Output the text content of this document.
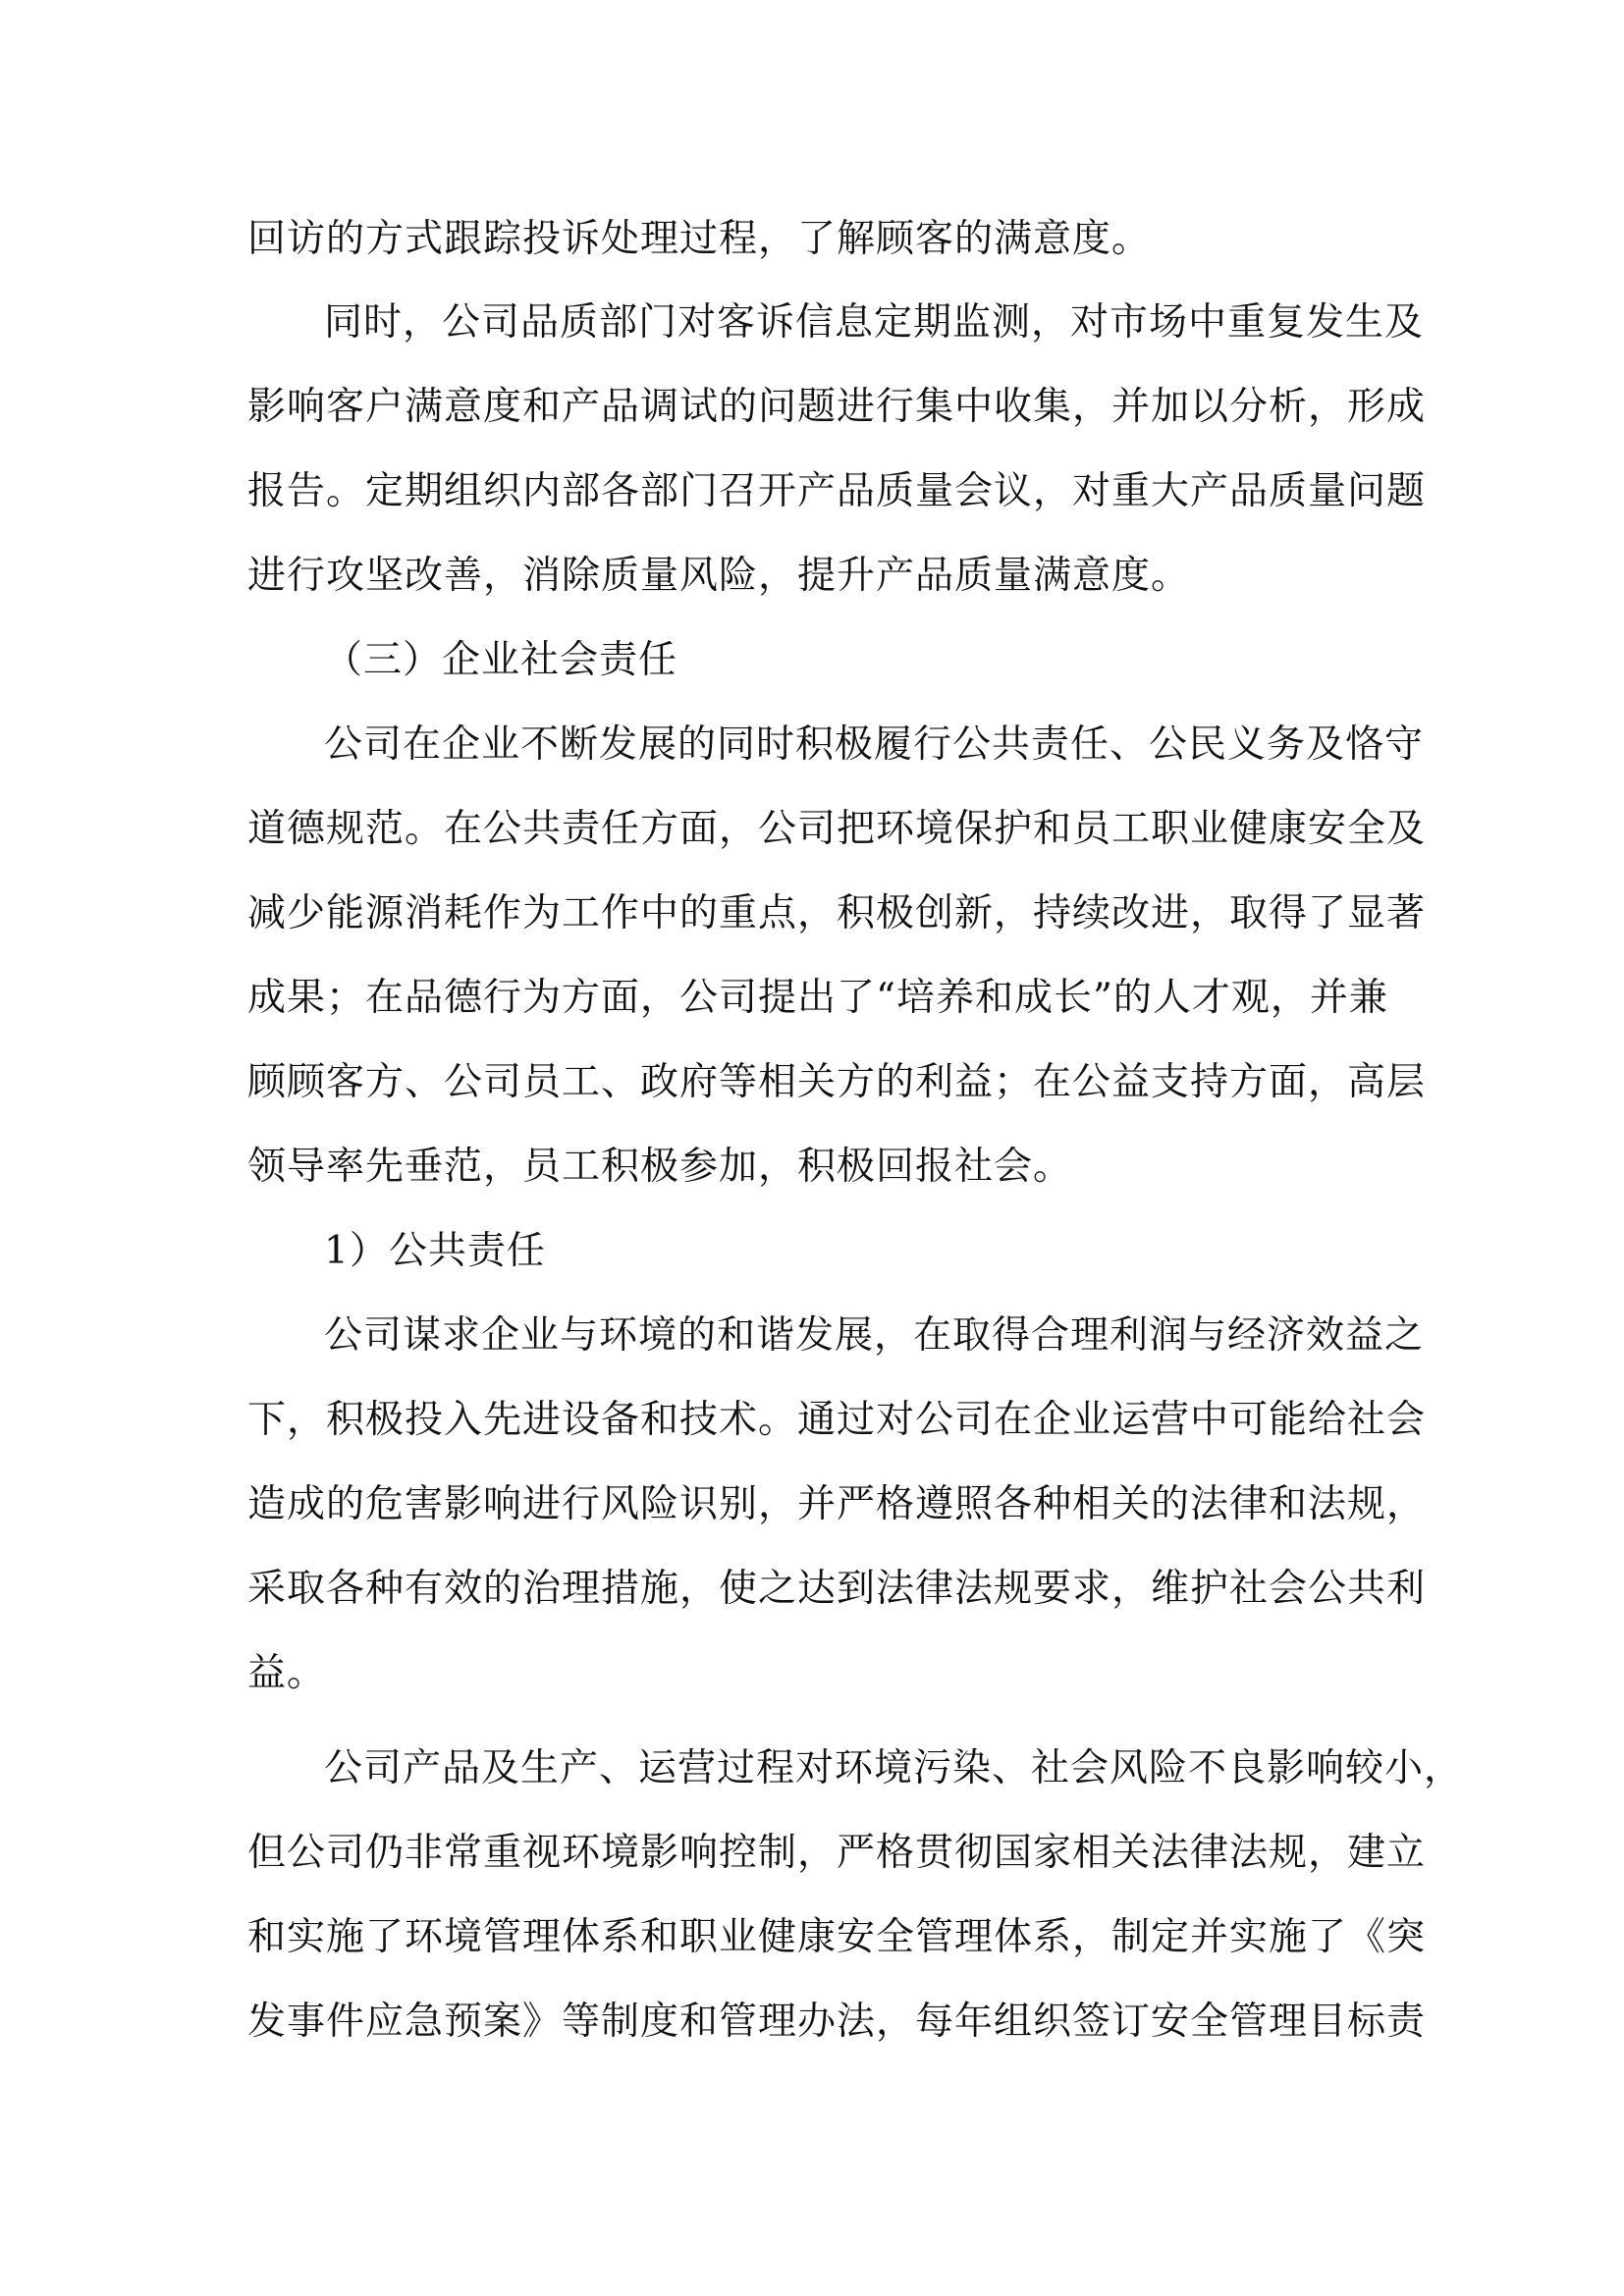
回访的方式跟踪投诉处理过程，了解顾客的满意度。
同时，公司品质部门对客诉信息定期监测，对市场中重复发生及
影响客户满意度和产品调试的问题进行集中收集，并加以分析，形成
报告。定期组织内部各部门召开产品质量会议，对重大产品质量问题
进行攻坚改善，消除质量风险，提升产品质量满意度。
（三）企业社会责任
公司在企业不断发展的同时积极履行公共责任、公民义务及恪守
道德规范。在公共责任方面，公司把环境保护和员工职业健康安全及
减少能源消耗作为工作中的重点，积极创新，持续改进，取得了显著
成果；在品德行为方面，公司提出了“培养和成长”的人才观，并兼
顾顾客方、公司员工、政府等相关方的利益；在公益支持方面，高层
领导率先垂范，员工积极参加，积极回报社会。
1）公共责任
公司谋求企业与环境的和谐发展，在取得合理利润与经济效益之
下，积极投入先进设备和技术。通过对公司在企业运营中可能给社会
造成的危害影响进行风险识别，并严格遵照各种相关的法律和法规，
采取各种有效的治理措施，使之达到法律法规要求，维护社会公共利
益。
公司产品及生产、运营过程对环境污染、社会风险不良影响较小，
但公司仍非常重视环境影响控制，严格贯彻国家相关法律法规，建立
和实施了环境管理体系和职业健康安全管理体系，制定并实施了《突
发事件应急预案》等制度和管理办法，每年组织签订安全管理目标责
